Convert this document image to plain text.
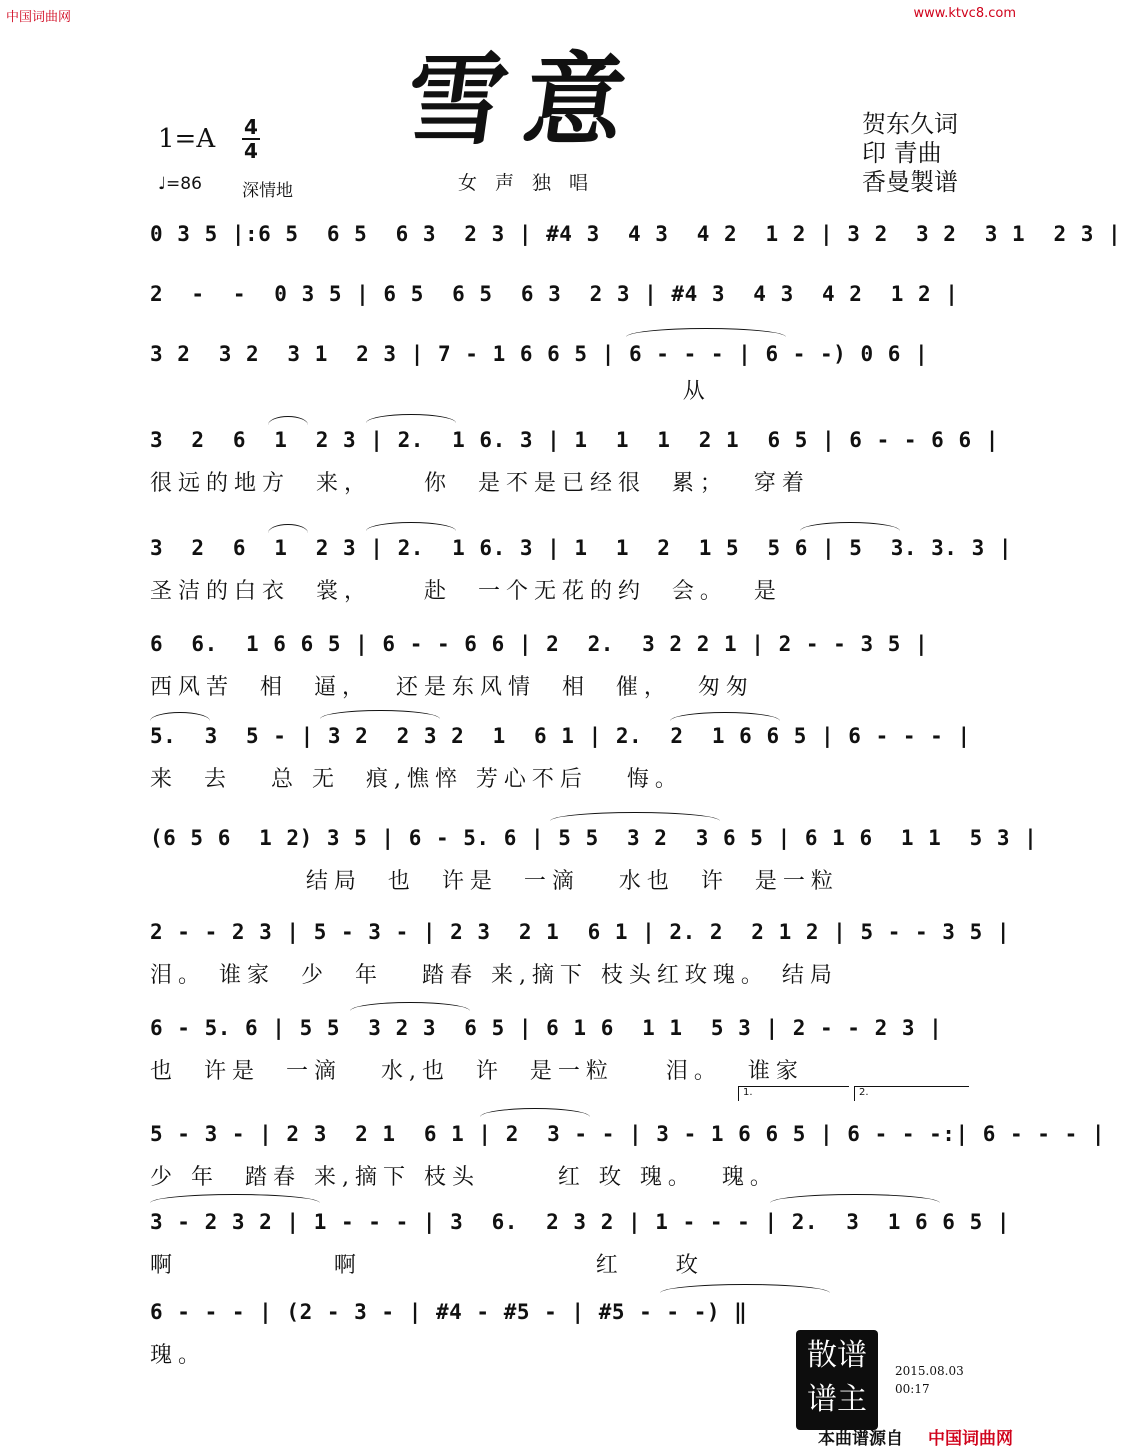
中国词曲网	www.ktvc8.com
雪意
1=A 4
4
♩=86 深情地	女声独唱
贺东久词
印 青曲
香曼製谱
0 3 5 |:6 5  6 5  6 3  2 3 | #4 3  4 3  4 2  1 2 | 3 2  3 2  3 1  2 3 |
2  -  -  0 3 5 | 6 5  6 5  6 3  2 3 | #4 3  4 3  4 2  1 2 |
3 2  3 2  3 1  2 3 | 7 - 1 6 6 5 | 6 - - - | 6 - -) 0 6 |
从
3  2  6  1  2 3 | 2.  1 6. 3 | 1  1  1  2 1  6 5 | 6 - - 6 6 |
很远的地方  来，    你  是不是已经很  累；  穿着
3  2  6  1  2 3 | 2.  1 6. 3 | 1  1  2  1 5  5 6 | 5  3. 3. 3 |
圣洁的白衣  裳，    赴  一个无花的约  会。  是
6  6.  1 6 6 5 | 6 - - 6 6 | 2  2.  3 2 2 1 | 2 - - 3 5 |
西风苦  相  逼，  还是东风情  相  催，  匆匆
5.  3  5 - | 3 2  2 3 2  1  6 1 | 2.  2  1 6 6 5 | 6 - - - |
来  去   总 无  痕,憔悴 芳心不后   悔。
(6 5 6  1 2) 3 5 | 6 - 5. 6 | 5 5  3 2  3 6 5 | 6 1 6  1 1  5 3 |
结局  也  许是  一滴   水也  许  是一粒
2 - - 2 3 | 5 - 3 - | 2 3  2 1  6 1 | 2. 2  2 1 2 | 5 - - 3 5 |
泪。 谁家  少  年   踏春 来,摘下 枝头红玫瑰。 结局
6 - 5. 6 | 5 5  3 2 3  6 5 | 6 1 6  1 1  5 3 | 2 - - 2 3 |
也  许是  一滴   水,也  许  是一粒    泪。  谁家
1.	2.
5 - 3 - | 2 3  2 1  6 1 | 2  3 - - | 3 - 1 6 6 5 | 6 - - -:| 6 - - - |
少 年  踏春 来,摘下 枝头      红 玫 瑰。  瑰。
3 - 2 3 2 | 1 - - - | 3  6.  2 3 2 | 1 - - - | 2.  3  1 6 6 5 |
啊            啊                  红    玫
6 - - - | (2 - 3 - | #4 - #5 - | #5 - - -) ‖
瑰。	散谱谱主
2015.08.03
00:17
本曲谱源自 中国词曲网
